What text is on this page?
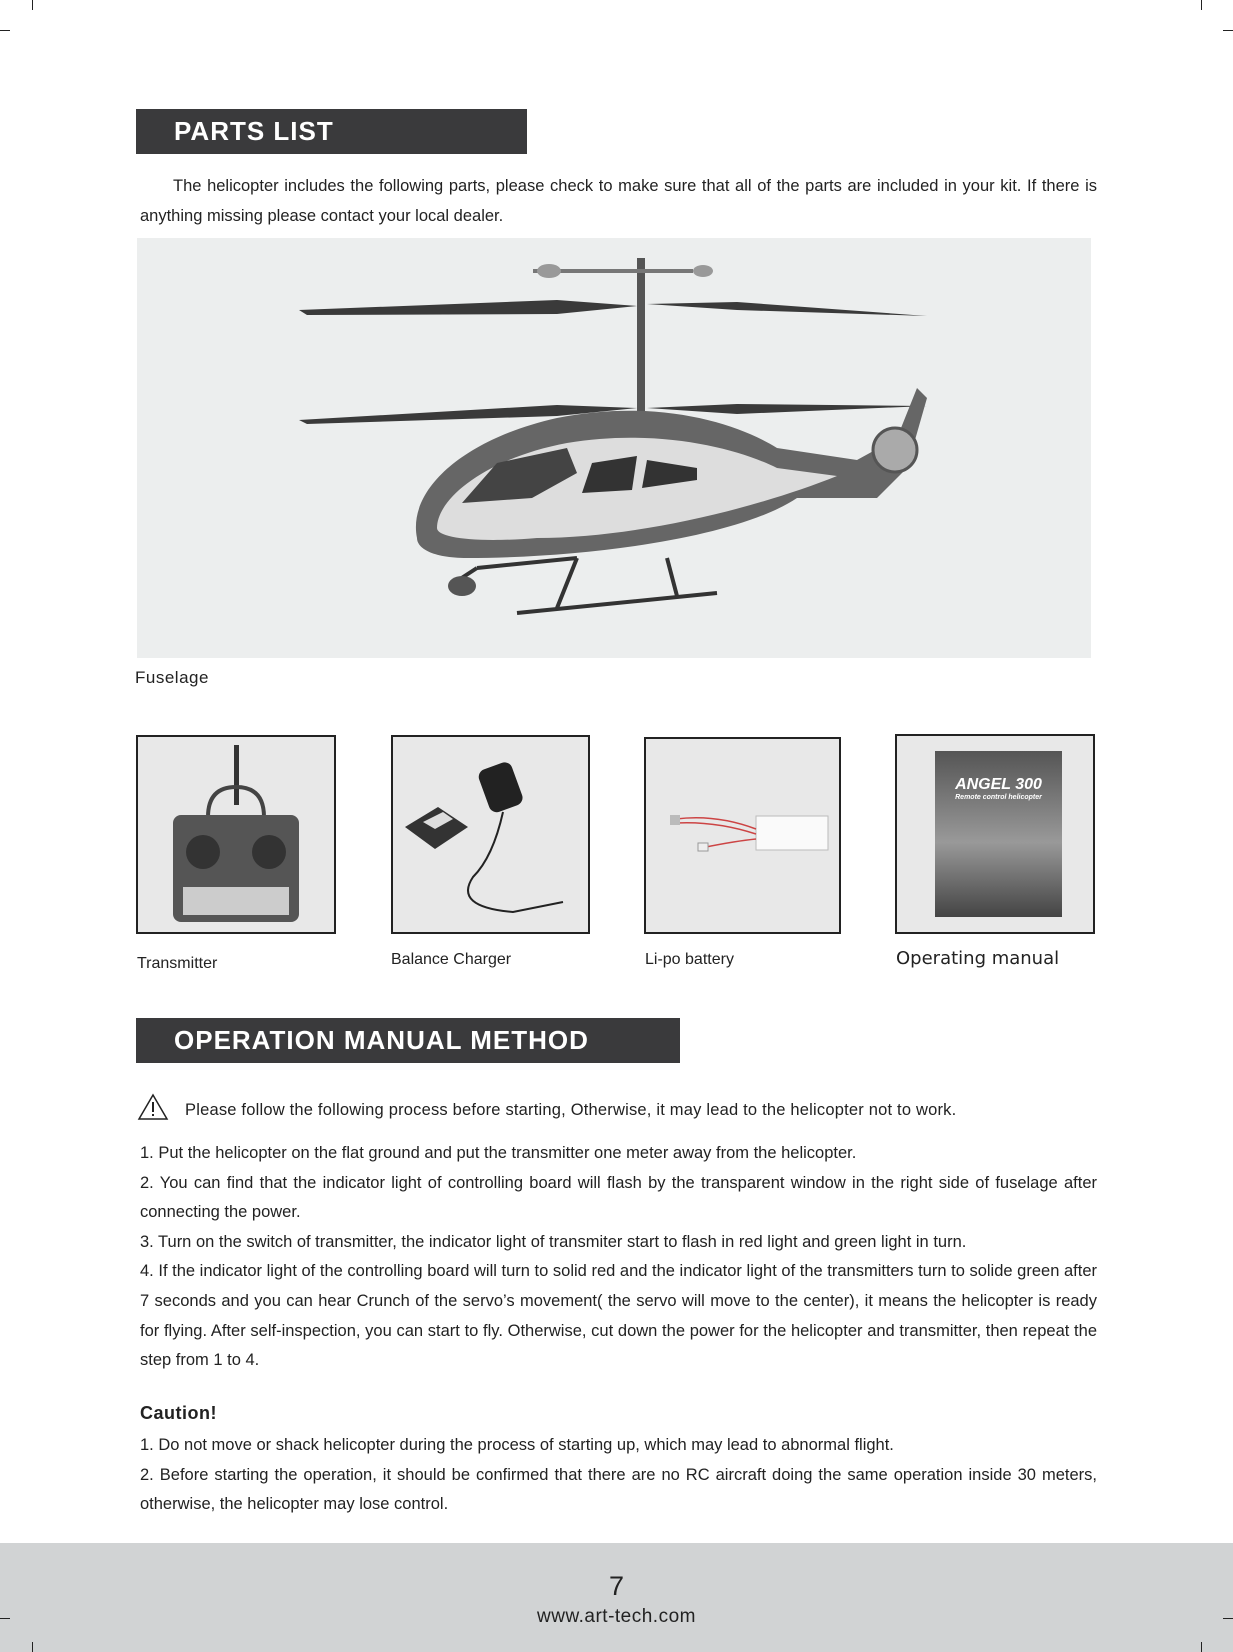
PARTS LIST
The helicopter includes the following parts, please check to make sure that all of the parts are included in your kit. If there is anything missing please contact your local dealer.
Fuselage
ANGEL 300
Remote control helicopter
Transmitter	Balance Charger	Li-po battery	Operating manual
OPERATION MANUAL METHOD
Please follow the following process before starting, Otherwise, it may lead to the helicopter not to work.
1. Put the helicopter on the flat ground and put the transmitter one meter away from the helicopter.
2. You can find that the indicator light of controlling board will flash by the transparent window in the right side of fuselage after connecting the power.
3. Turn on the switch of transmitter, the indicator light of transmiter start to flash in red light and green light in turn.
4. If the indicator light of the controlling board will turn to solid red and the indicator light of the transmitters turn to solide green after 7 seconds and you can hear Crunch of the servo’s movement( the servo will move to the center), it means the helicopter is ready for flying. After self-inspection, you can start to fly. Otherwise, cut down the power for the helicopter and transmitter, then repeat the step from 1 to 4.
Caution!
1. Do not move or shack helicopter during the process of starting up, which may lead to abnormal flight.
2. Before starting the operation, it should be confirmed that there are no RC aircraft doing the same operation inside 30 meters, otherwise, the helicopter may lose control.
7
www.art-tech.com
